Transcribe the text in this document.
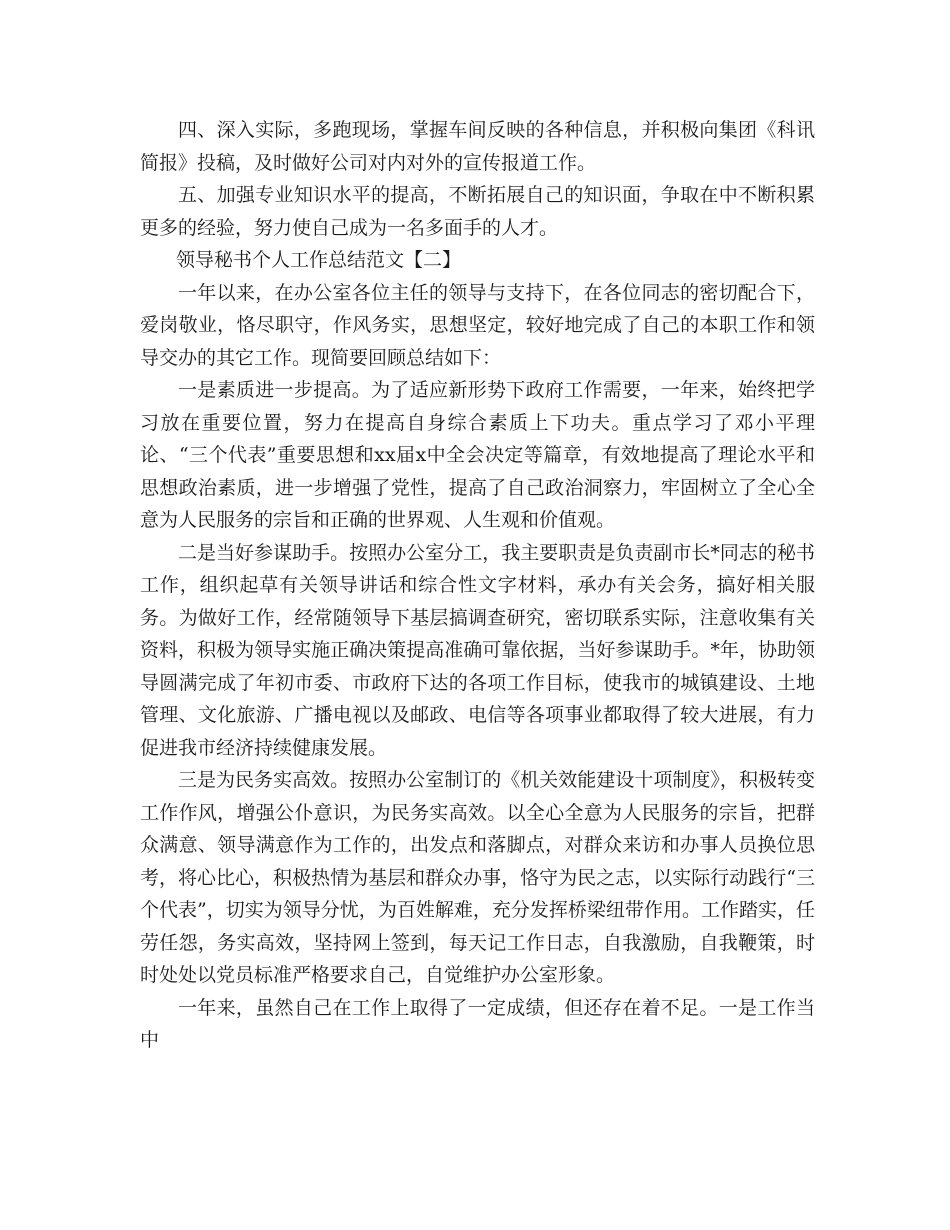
四、深入实际，多跑现场，掌握车间反映的各种信息，并积极向集团《科讯简报》投稿，及时做好公司对内对外的宣传报道工作。

五、加强专业知识水平的提高，不断拓展自己的知识面，争取在中不断积累更多的经验，努力使自己成为一名多面手的人才。

领导秘书个人工作总结范文【二】

一年以来，在办公室各位主任的领导与支持下，在各位同志的密切配合下，爱岗敬业，恪尽职守，作风务实，思想坚定，较好地完成了自己的本职工作和领导交办的其它工作。现简要回顾总结如下：

一是素质进一步提高。为了适应新形势下政府工作需要，一年来，始终把学习放在重要位置，努力在提高自身综合素质上下功夫。重点学习了邓小平理论、“三个代表”重要思想和xx届x中全会决定等篇章，有效地提高了理论水平和思想政治素质，进一步增强了党性，提高了自己政治洞察力，牢固树立了全心全意为人民服务的宗旨和正确的世界观、人生观和价值观。

二是当好参谋助手。按照办公室分工，我主要职责是负责副市长*同志的秘书工作，组织起草有关领导讲话和综合性文字材料，承办有关会务，搞好相关服务。为做好工作，经常随领导下基层搞调查研究，密切联系实际，注意收集有关资料，积极为领导实施正确决策提高准确可靠依据，当好参谋助手。*年，协助领导圆满完成了年初市委、市政府下达的各项工作目标，使我市的城镇建设、土地管理、文化旅游、广播电视以及邮政、电信等各项事业都取得了较大进展，有力促进我市经济持续健康发展。

三是为民务实高效。按照办公室制订的《机关效能建设十项制度》，积极转变工作作风，增强公仆意识，为民务实高效。以全心全意为人民服务的宗旨，把群众满意、领导满意作为工作的，出发点和落脚点，对群众来访和办事人员换位思考，将心比心，积极热情为基层和群众办事，恪守为民之志，以实际行动践行“三个代表”，切实为领导分忧，为百姓解难，充分发挥桥梁纽带作用。工作踏实，任劳任怨，务实高效，坚持网上签到，每天记工作日志，自我激励，自我鞭策，时时处处以党员标准严格要求自己，自觉维护办公室形象。

一年来，虽然自己在工作上取得了一定成绩，但还存在着不足。一是工作当中
